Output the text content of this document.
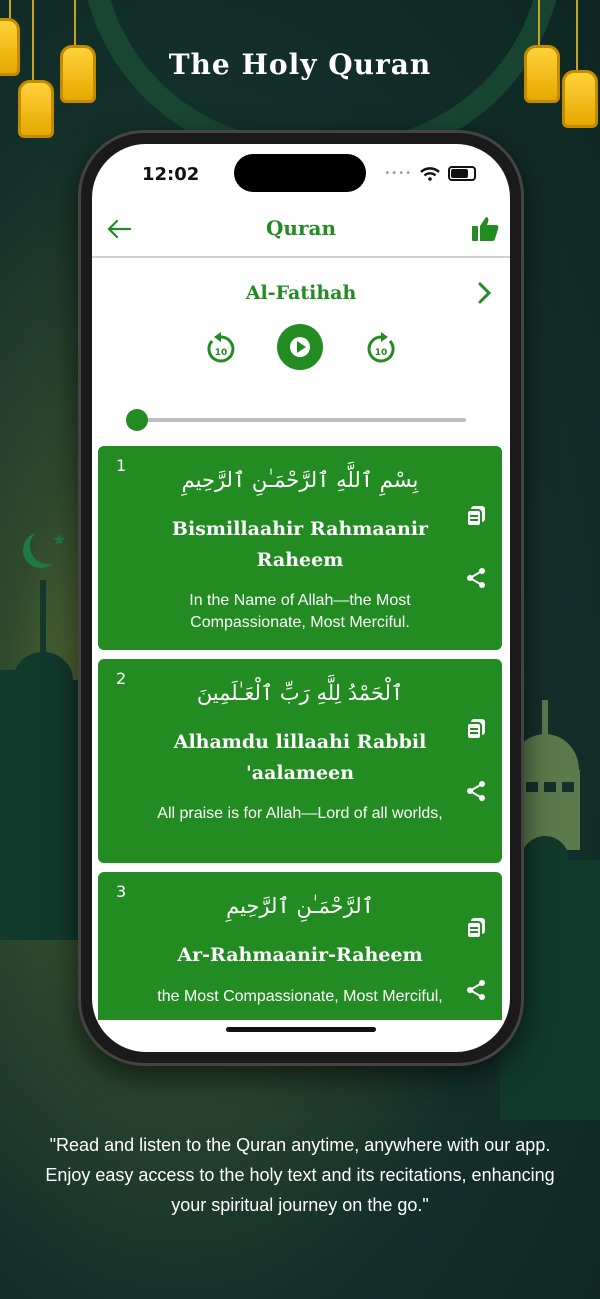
★
The Holy Quran
12:02	••••
Quran
Al-Fatihah
10	10
1
بِسْمِ ٱللَّهِ ٱلرَّحْمَـٰنِ ٱلرَّحِيمِ
Bismillaahir Rahmaanir Raheem
In the Name of Allah—the Most Compassionate, Most Merciful.
2
ٱلْحَمْدُ لِلَّهِ رَبِّ ٱلْعَـٰلَمِينَ
Alhamdu lillaahi Rabbil 'aalameen
All praise is for Allah—Lord of all worlds,
3
ٱلرَّحْمَـٰنِ ٱلرَّحِيمِ
Ar-Rahmaanir-Raheem
the Most Compassionate, Most Merciful,
"Read and listen to the Quran anytime, anywhere with our app. Enjoy easy access to the holy text and its recitations, enhancing your spiritual journey on the go."
